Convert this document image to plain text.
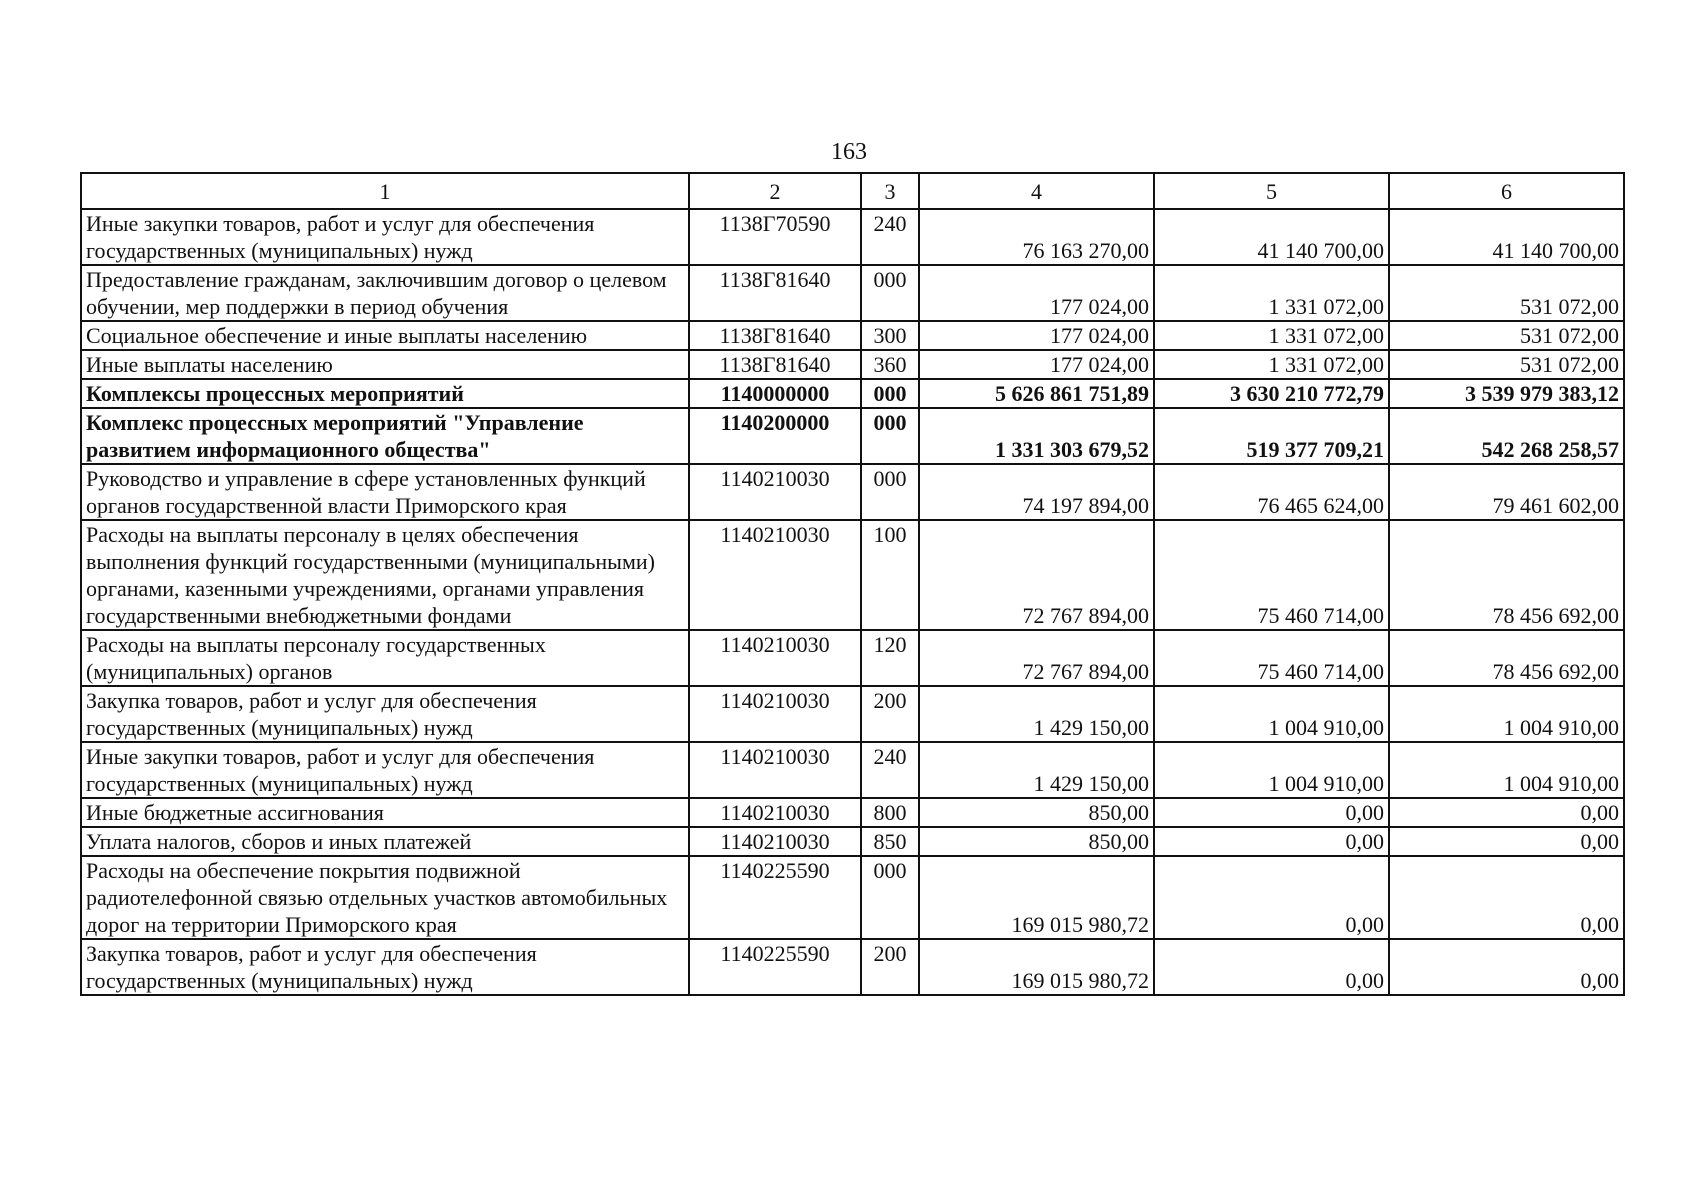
163
1	2	3	4	5	6
Иные закупки товаров, работ и услуг для обеспечения государственных (муниципальных) нужд	1138Г70590	240	76 163 270,00	41 140 700,00	41 140 700,00
Предоставление гражданам, заключившим договор о целевом обучении, мер поддержки в период обучения	1138Г81640	000	177 024,00	1 331 072,00	531 072,00
Социальное обеспечение и иные выплаты населению	1138Г81640	300	177 024,00	1 331 072,00	531 072,00
Иные выплаты населению	1138Г81640	360	177 024,00	1 331 072,00	531 072,00
Комплексы процессных мероприятий	1140000000	000	5 626 861 751,89	3 630 210 772,79	3 539 979 383,12
Комплекс процессных мероприятий "Управление развитием информационного общества"	1140200000	000	1 331 303 679,52	519 377 709,21	542 268 258,57
Руководство и управление в сфере установленных функций органов государственной власти Приморского края	1140210030	000	74 197 894,00	76 465 624,00	79 461 602,00
Расходы на выплаты персоналу в целях обеспечения выполнения функций государственными (муниципальными) органами, казенными учреждениями, органами управления государственными внебюджетными фондами	1140210030	100	72 767 894,00	75 460 714,00	78 456 692,00
Расходы на выплаты персоналу государственных (муниципальных) органов	1140210030	120	72 767 894,00	75 460 714,00	78 456 692,00
Закупка товаров, работ и услуг для обеспечения государственных (муниципальных) нужд	1140210030	200	1 429 150,00	1 004 910,00	1 004 910,00
Иные закупки товаров, работ и услуг для обеспечения государственных (муниципальных) нужд	1140210030	240	1 429 150,00	1 004 910,00	1 004 910,00
Иные бюджетные ассигнования	1140210030	800	850,00	0,00	0,00
Уплата налогов, сборов и иных платежей	1140210030	850	850,00	0,00	0,00
Расходы на обеспечение покрытия подвижной радиотелефонной связью отдельных участков автомобильных дорог на территории Приморского края	1140225590	000	169 015 980,72	0,00	0,00
Закупка товаров, работ и услуг для обеспечения государственных (муниципальных) нужд	1140225590	200	169 015 980,72	0,00	0,00
